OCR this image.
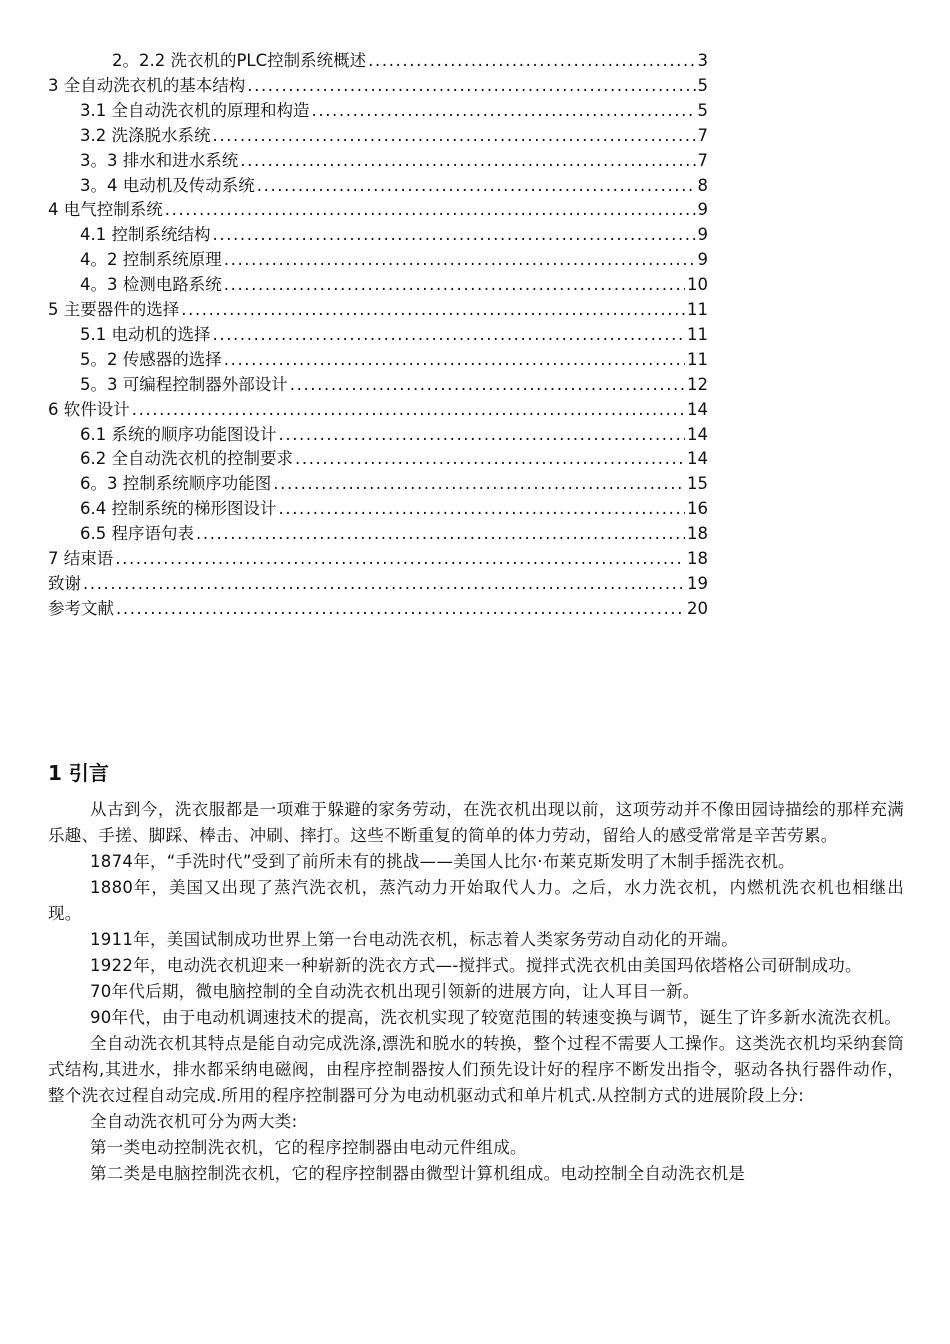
2。2.2 洗衣机的PLC控制系统概述 .....	3
3 全自动洗衣机的基本结构 .....	5
3.1 全自动洗衣机的原理和构造 .....	5
3.2 洗涤脱水系统 .....	7
3。3 排水和进水系统 .....	7
3。4 电动机及传动系统 .....	8
4 电气控制系统 .....	9
4.1 控制系统结构 .....	9
4。2 控制系统原理 .....	9
4。3 检测电路系统 .....	10
5 主要器件的选择 .....	11
5.1 电动机的选择 .....	11
5。2 传感器的选择 .....	11
5。3 可编程控制器外部设计 .....	12
6 软件设计 .....	14
6.1 系统的顺序功能图设计 .....	14
6.2 全自动洗衣机的控制要求 .....	14
6。3 控制系统顺序功能图 .....	15
6.4 控制系统的梯形图设计 .....	16
6.5 程序语句表 .....	18
7 结束语 .....	18
致谢 .....	19
参考文献 .....	20
1 引言

从古到今，洗衣服都是一项难于躲避的家务劳动，在洗衣机出现以前，这项劳动并不像田园诗描绘的那样充满乐趣、手搓、脚踩、棒击、冲刷、摔打。这些不断重复的简单的体力劳动，留给人的感受常常是辛苦劳累。

1874年，“手洗时代”受到了前所未有的挑战——美国人比尔·布莱克斯发明了木制手摇洗衣机。

1880年，美国又出现了蒸汽洗衣机，蒸汽动力开始取代人力。之后，水力洗衣机，内燃机洗衣机也相继出现。

1911年，美国试制成功世界上第一台电动洗衣机，标志着人类家务劳动自动化的开端。

1922年，电动洗衣机迎来一种崭新的洗衣方式—-搅拌式。搅拌式洗衣机由美国玛依塔格公司研制成功。

70年代后期，微电脑控制的全自动洗衣机出现引领新的进展方向，让人耳目一新。

90年代，由于电动机调速技术的提高，洗衣机实现了较宽范围的转速变换与调节，诞生了许多新水流洗衣机。

全自动洗衣机其特点是能自动完成洗涤,漂洗和脱水的转换，整个过程不需要人工操作。这类洗衣机均采纳套筒式结构,其进水，排水都采纳电磁阀，由程序控制器按人们预先设计好的程序不断发出指令，驱动各执行器件动作，整个洗衣过程自动完成.所用的程序控制器可分为电动机驱动式和单片机式.从控制方式的进展阶段上分:

全自动洗衣机可分为两大类:

第一类电动控制洗衣机，它的程序控制器由电动元件组成。

第二类是电脑控制洗衣机，它的程序控制器由微型计算机组成。电动控制全自动洗衣机是
